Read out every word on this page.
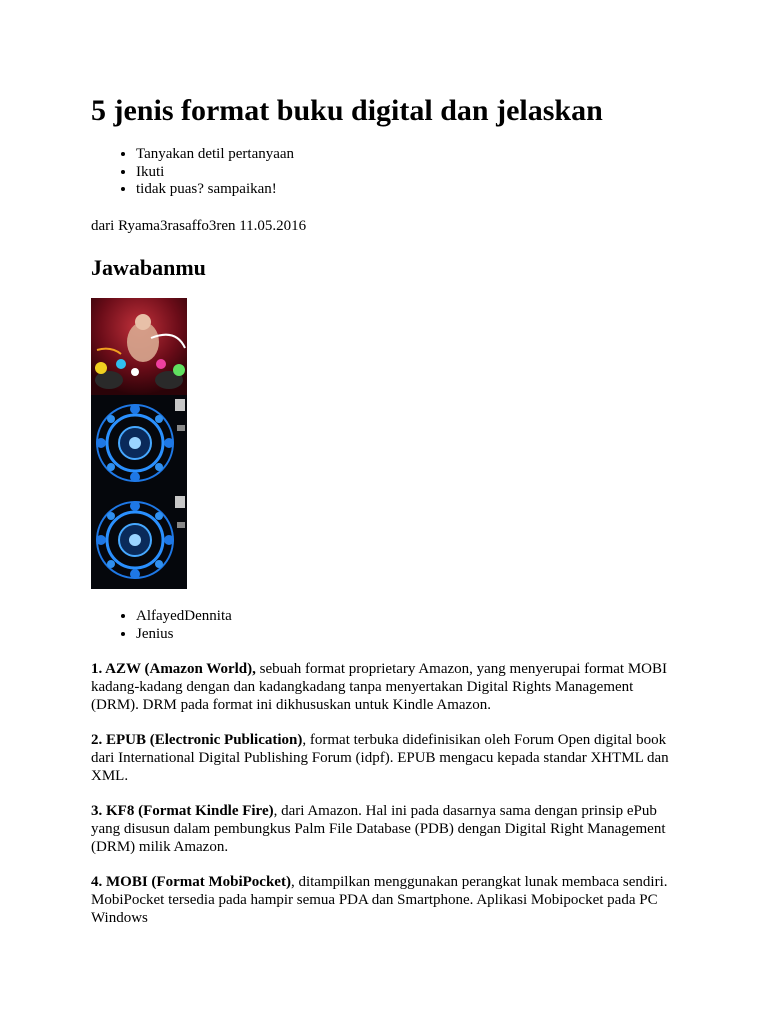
5 jenis format buku digital dan jelaskan
• Tanyakan detil pertanyaan
• Ikuti
• tidak puas? sampaikan!

dari Ryama3rasaffo3ren 11.05.2016

Jawabanmu
• AlfayedDennita
• Jenius

1. AZW (Amazon World), sebuah format proprietary Amazon, yang menyerupai format MOBI kadang-kadang dengan dan kadangkadang tanpa menyertakan Digital Rights Management (DRM). DRM pada format ini dikhususkan untuk Kindle Amazon.

2. EPUB (Electronic Publication), format terbuka didefinisikan oleh Forum Open digital book dari International Digital Publishing Forum (idpf). EPUB mengacu kepada standar XHTML dan XML.

3. KF8 (Format Kindle Fire), dari Amazon. Hal ini pada dasarnya sama dengan prinsip ePub yang disusun dalam pembungkus Palm File Database (PDB) dengan Digital Right Management (DRM) milik Amazon.

4. MOBI (Format MobiPocket), ditampilkan menggunakan perangkat lunak membaca sendiri. MobiPocket tersedia pada hampir semua PDA dan Smartphone. Aplikasi Mobipocket pada PC Windows
